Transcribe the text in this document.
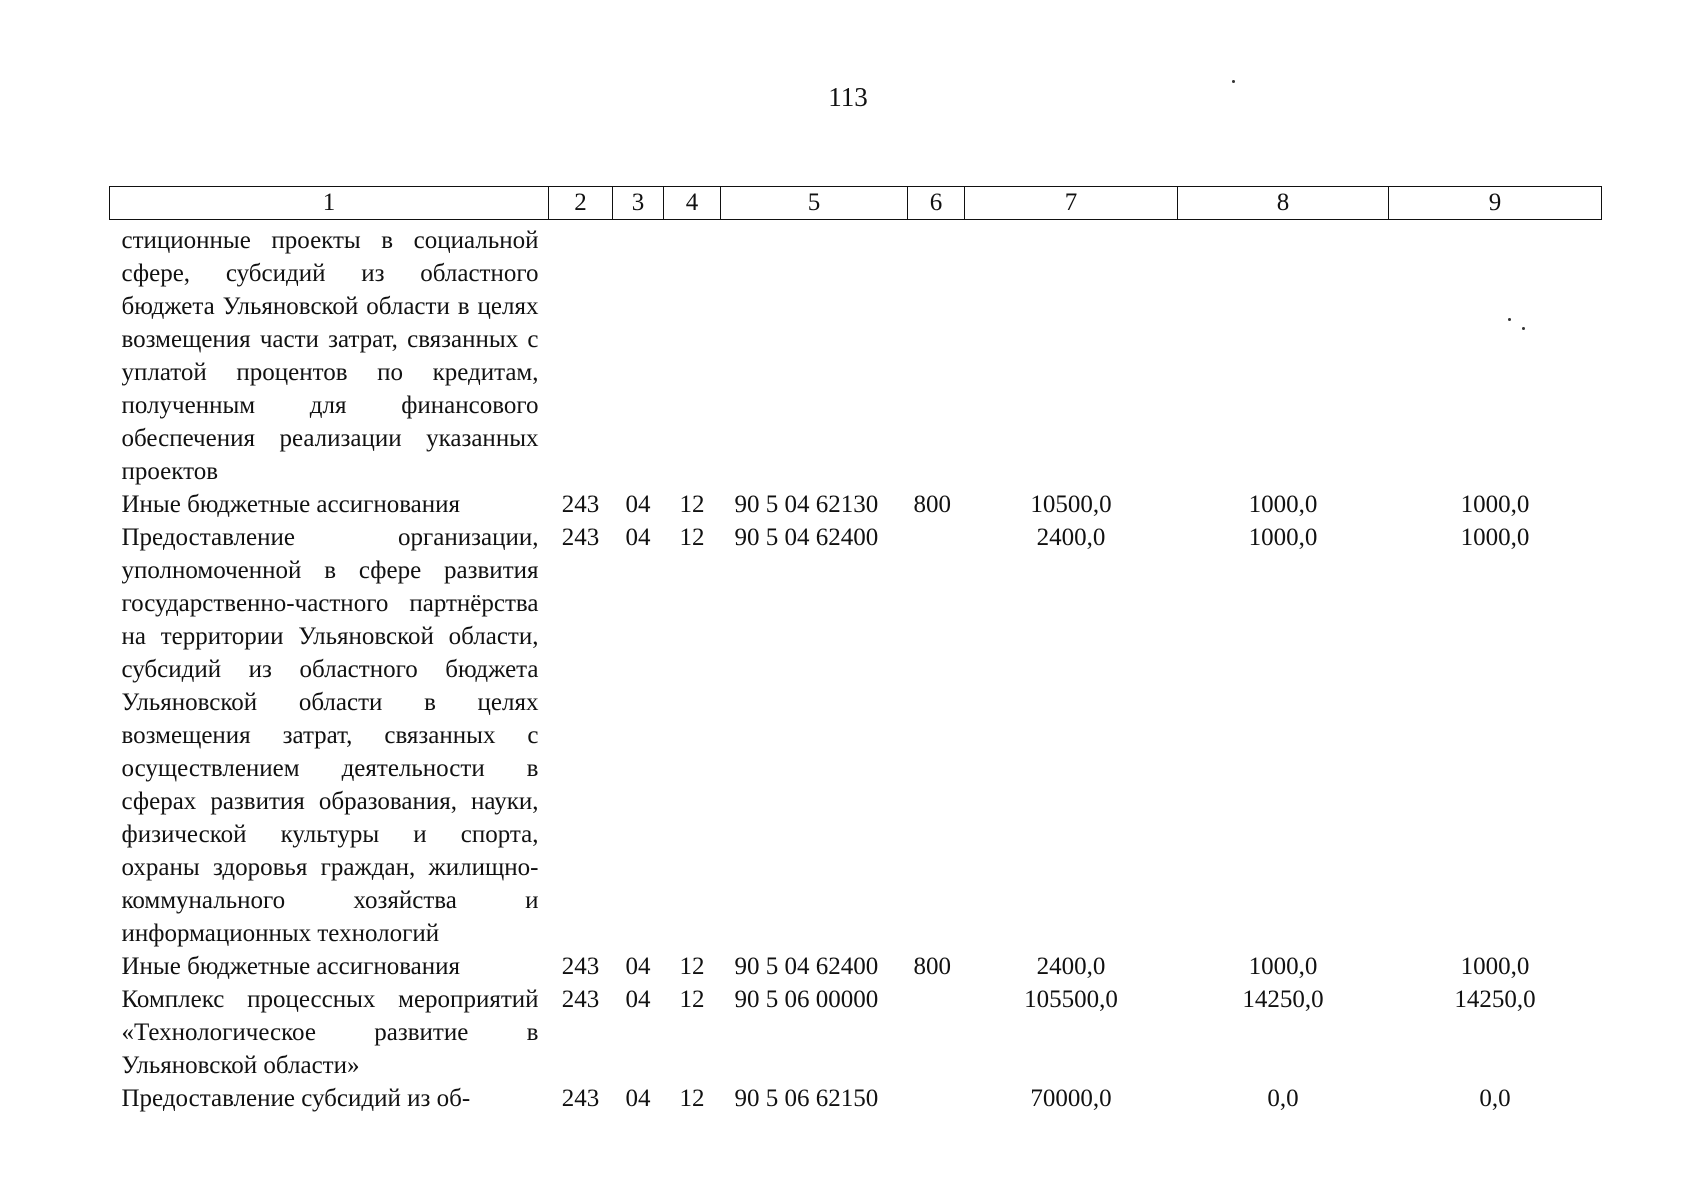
113
1	2	3	4	5	6	7	8	9
стиционные проекты в социальной сфере, субсидий из областного бюджета Ульяновской области в целях возмещения части затрат, связанных с уплатой процентов по кредитам, полученным для финансового обеспечения реализации указанных проектов								
Иные бюджетные ассигнования	243	04	12	90 5 04 62130	800	10500,0	1000,0	1000,0
Предоставление организации, уполномоченной в сфере развития государственно-частного партнёрства на территории Ульяновской области, субсидий из областного бюджета Ульяновской области в целях возмещения затрат, связанных с осуществлением деятельности в сферах развития образования, науки, физической культуры и спорта, охраны здоровья граждан, жилищно-коммунального хозяйства и информационных технологий	243	04	12	90 5 04 62400		2400,0	1000,0	1000,0
Иные бюджетные ассигнования	243	04	12	90 5 04 62400	800	2400,0	1000,0	1000,0
Комплекс процессных мероприятий «Технологическое развитие в Ульяновской области»	243	04	12	90 5 06 00000		105500,0	14250,0	14250,0
Предоставление субсидий из об-	243	04	12	90 5 06 62150		70000,0	0,0	0,0
